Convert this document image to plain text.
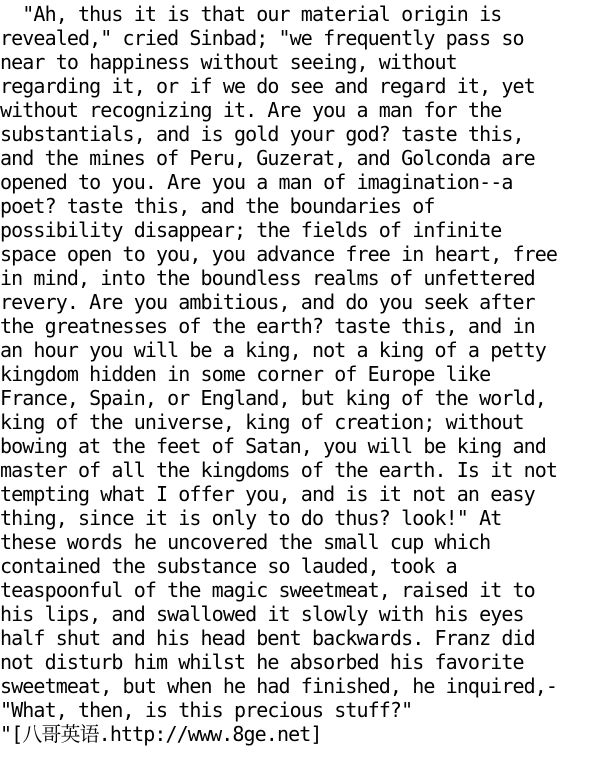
"Ah, thus it is that our material origin is
revealed," cried Sinbad; "we frequently pass so
near to happiness without seeing, without
regarding it, or if we do see and regard it, yet
without recognizing it. Are you a man for the
substantials, and is gold your god? taste this,
and the mines of Peru, Guzerat, and Golconda are
opened to you. Are you a man of imagination--a
poet? taste this, and the boundaries of
possibility disappear; the fields of infinite
space open to you, you advance free in heart, free
in mind, into the boundless realms of unfettered
revery. Are you ambitious, and do you seek after
the greatnesses of the earth? taste this, and in
an hour you will be a king, not a king of a petty
kingdom hidden in some corner of Europe like
France, Spain, or England, but king of the world,
king of the universe, king of creation; without
bowing at the feet of Satan, you will be king and
master of all the kingdoms of the earth. Is it not
tempting what I offer you, and is it not an easy
thing, since it is only to do thus? look!" At
these words he uncovered the small cup which
contained the substance so lauded, took a
teaspoonful of the magic sweetmeat, raised it to
his lips, and swallowed it slowly with his eyes
half shut and his head bent backwards. Franz did
not disturb him whilst he absorbed his favorite
sweetmeat, but when he had finished, he inquired,-
"What, then, is this precious stuff?"
"[八哥英语.http://www.8ge.net]
